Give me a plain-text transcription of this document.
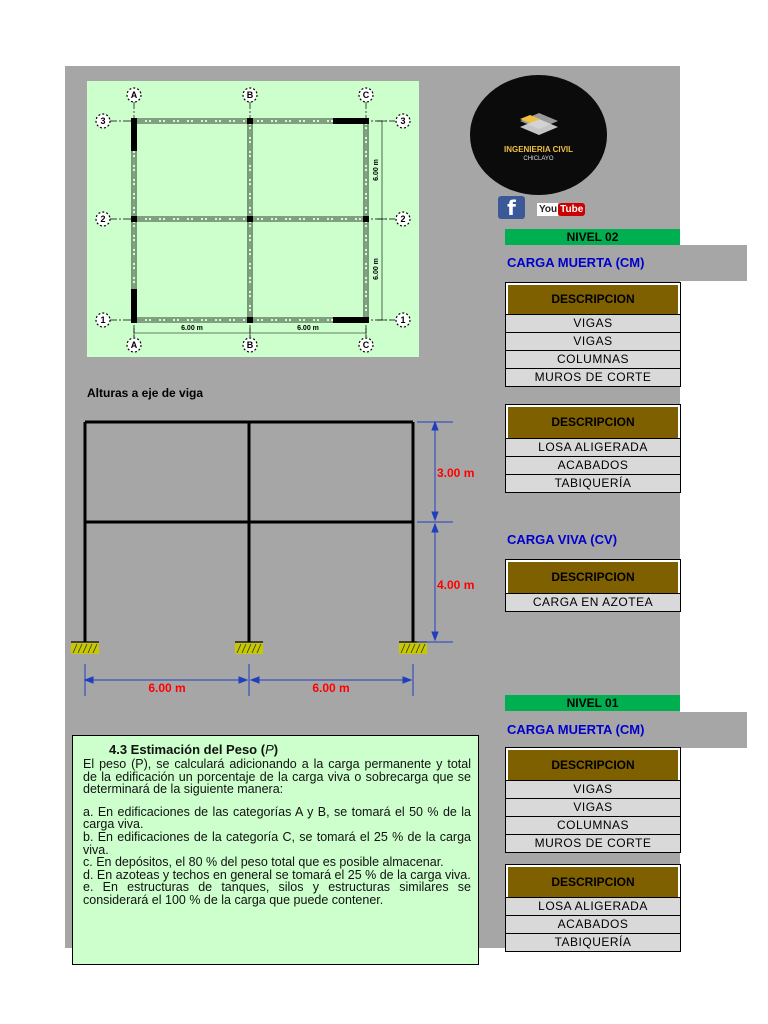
6.00 m	6.00 m
6.00 m
6.00 m
A	B	C
A	B	C
3
2
1
3
2
1
INGENIERIA CIVIL
CHICLAYO
f	You Tube
Alturas a eje de viga
3.00 m
4.00 m
6.00 m	6.00 m
NIVEL 02
CARGA MUERTA (CM)
DESCRIPCION
VIGAS
VIGAS
COLUMNAS
MUROS DE CORTE
DESCRIPCION
LOSA ALIGERADA
ACABADOS
TABIQUERÍA
CARGA VIVA (CV)
DESCRIPCION
CARGA EN AZOTEA
NIVEL 01
CARGA MUERTA (CM)
DESCRIPCION
VIGAS
VIGAS
COLUMNAS
MUROS DE CORTE
DESCRIPCION
LOSA ALIGERADA
ACABADOS
TABIQUERÍA
4.3 Estimación del Peso (P)

El peso (P), se calculará adicionando a la carga permanente y total de la edificación un porcentaje de la carga viva o sobrecarga que se determinará de la siguiente manera:

a. En edificaciones de las categorías A y B, se tomará el 50 % de la carga viva.

b. En edificaciones de la categoría C, se tomará el 25 % de la carga viva.

c. En depósitos, el 80 % del peso total que es posible almacenar.

d. En azoteas y techos en general se tomará el 25 % de la carga viva.

e. En estructuras de tanques, silos y estructuras similares se considerará el 100 % de la carga que puede contener.
